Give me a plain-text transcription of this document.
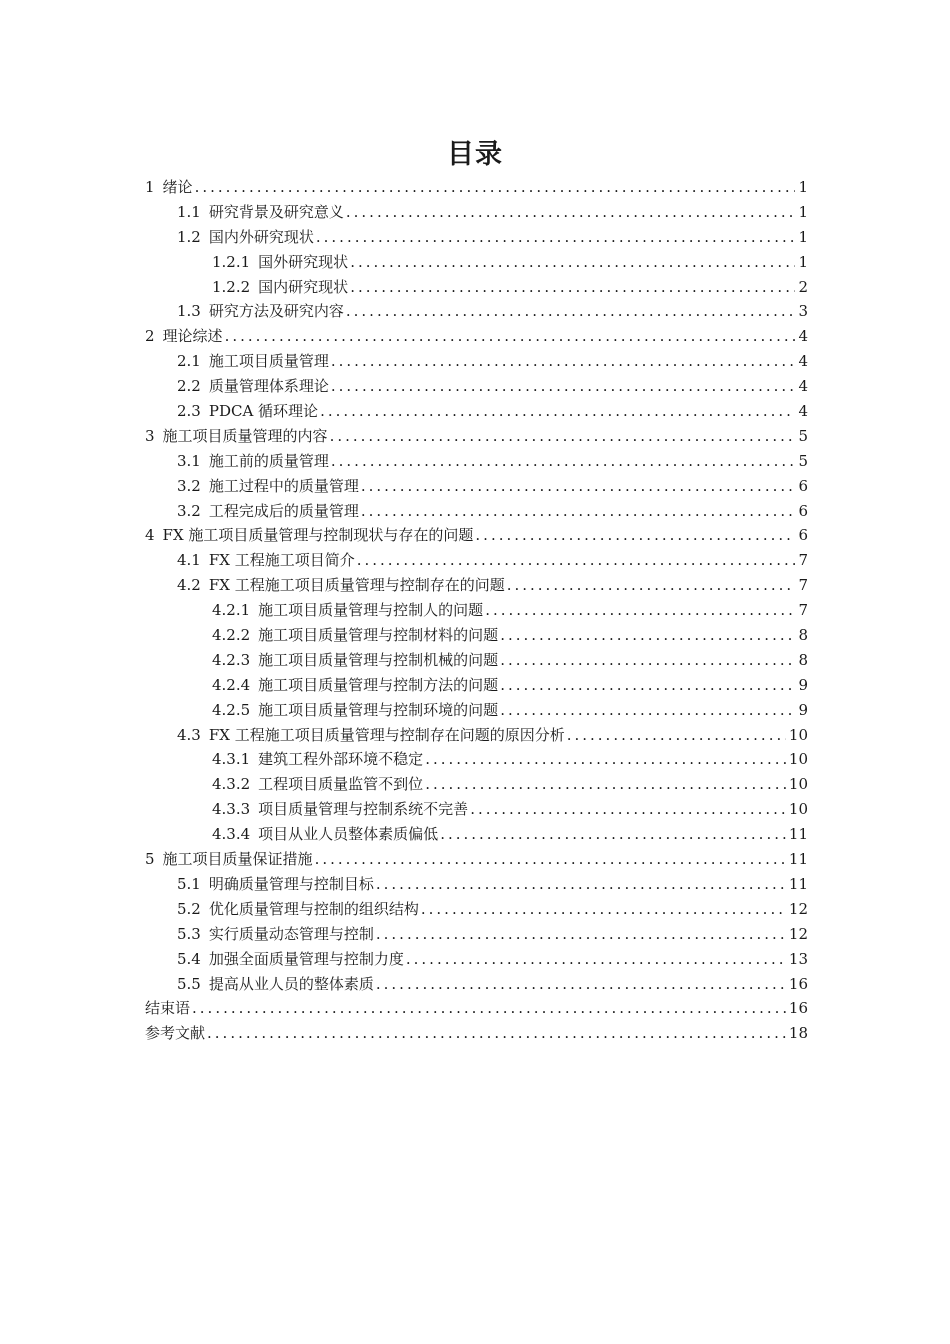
目录
1 绪论 .....	1
1.1 研究背景及研究意义 .....	1
1.2 国内外研究现状 .....	1
1.2.1 国外研究现状 .....	1
1.2.2 国内研究现状 .....	2
1.3 研究方法及研究内容 .....	3
2 理论综述 .....	4
2.1 施工项目质量管理 .....	4
2.2 质量管理体系理论 .....	4
2.3 PDCA 循环理论 .....	4
3 施工项目质量管理的内容 .....	5
3.1 施工前的质量管理 .....	5
3.2 施工过程中的质量管理 .....	6
3.2 工程完成后的质量管理 .....	6
4 FX 施工项目质量管理与控制现状与存在的问题 .....	6
4.1 FX 工程施工项目简介 .....	7
4.2 FX 工程施工项目质量管理与控制存在的问题 .....	7
4.2.1 施工项目质量管理与控制人的问题 .....	7
4.2.2 施工项目质量管理与控制材料的问题 .....	8
4.2.3 施工项目质量管理与控制机械的问题 .....	8
4.2.4 施工项目质量管理与控制方法的问题 .....	9
4.2.5 施工项目质量管理与控制环境的问题 .....	9
4.3 FX 工程施工项目质量管理与控制存在问题的原因分析 .....	10
4.3.1 建筑工程外部环境不稳定 .....	10
4.3.2 工程项目质量监管不到位 .....	10
4.3.3 项目质量管理与控制系统不完善 .....	10
4.3.4 项目从业人员整体素质偏低 .....	11
5 施工项目质量保证措施 .....	11
5.1 明确质量管理与控制目标 .....	11
5.2 优化质量管理与控制的组织结构 .....	12
5.3 实行质量动态管理与控制 .....	12
5.4 加强全面质量管理与控制力度 .....	13
5.5 提高从业人员的整体素质 .....	16
结束语 .....	16
参考文献 .....	18
